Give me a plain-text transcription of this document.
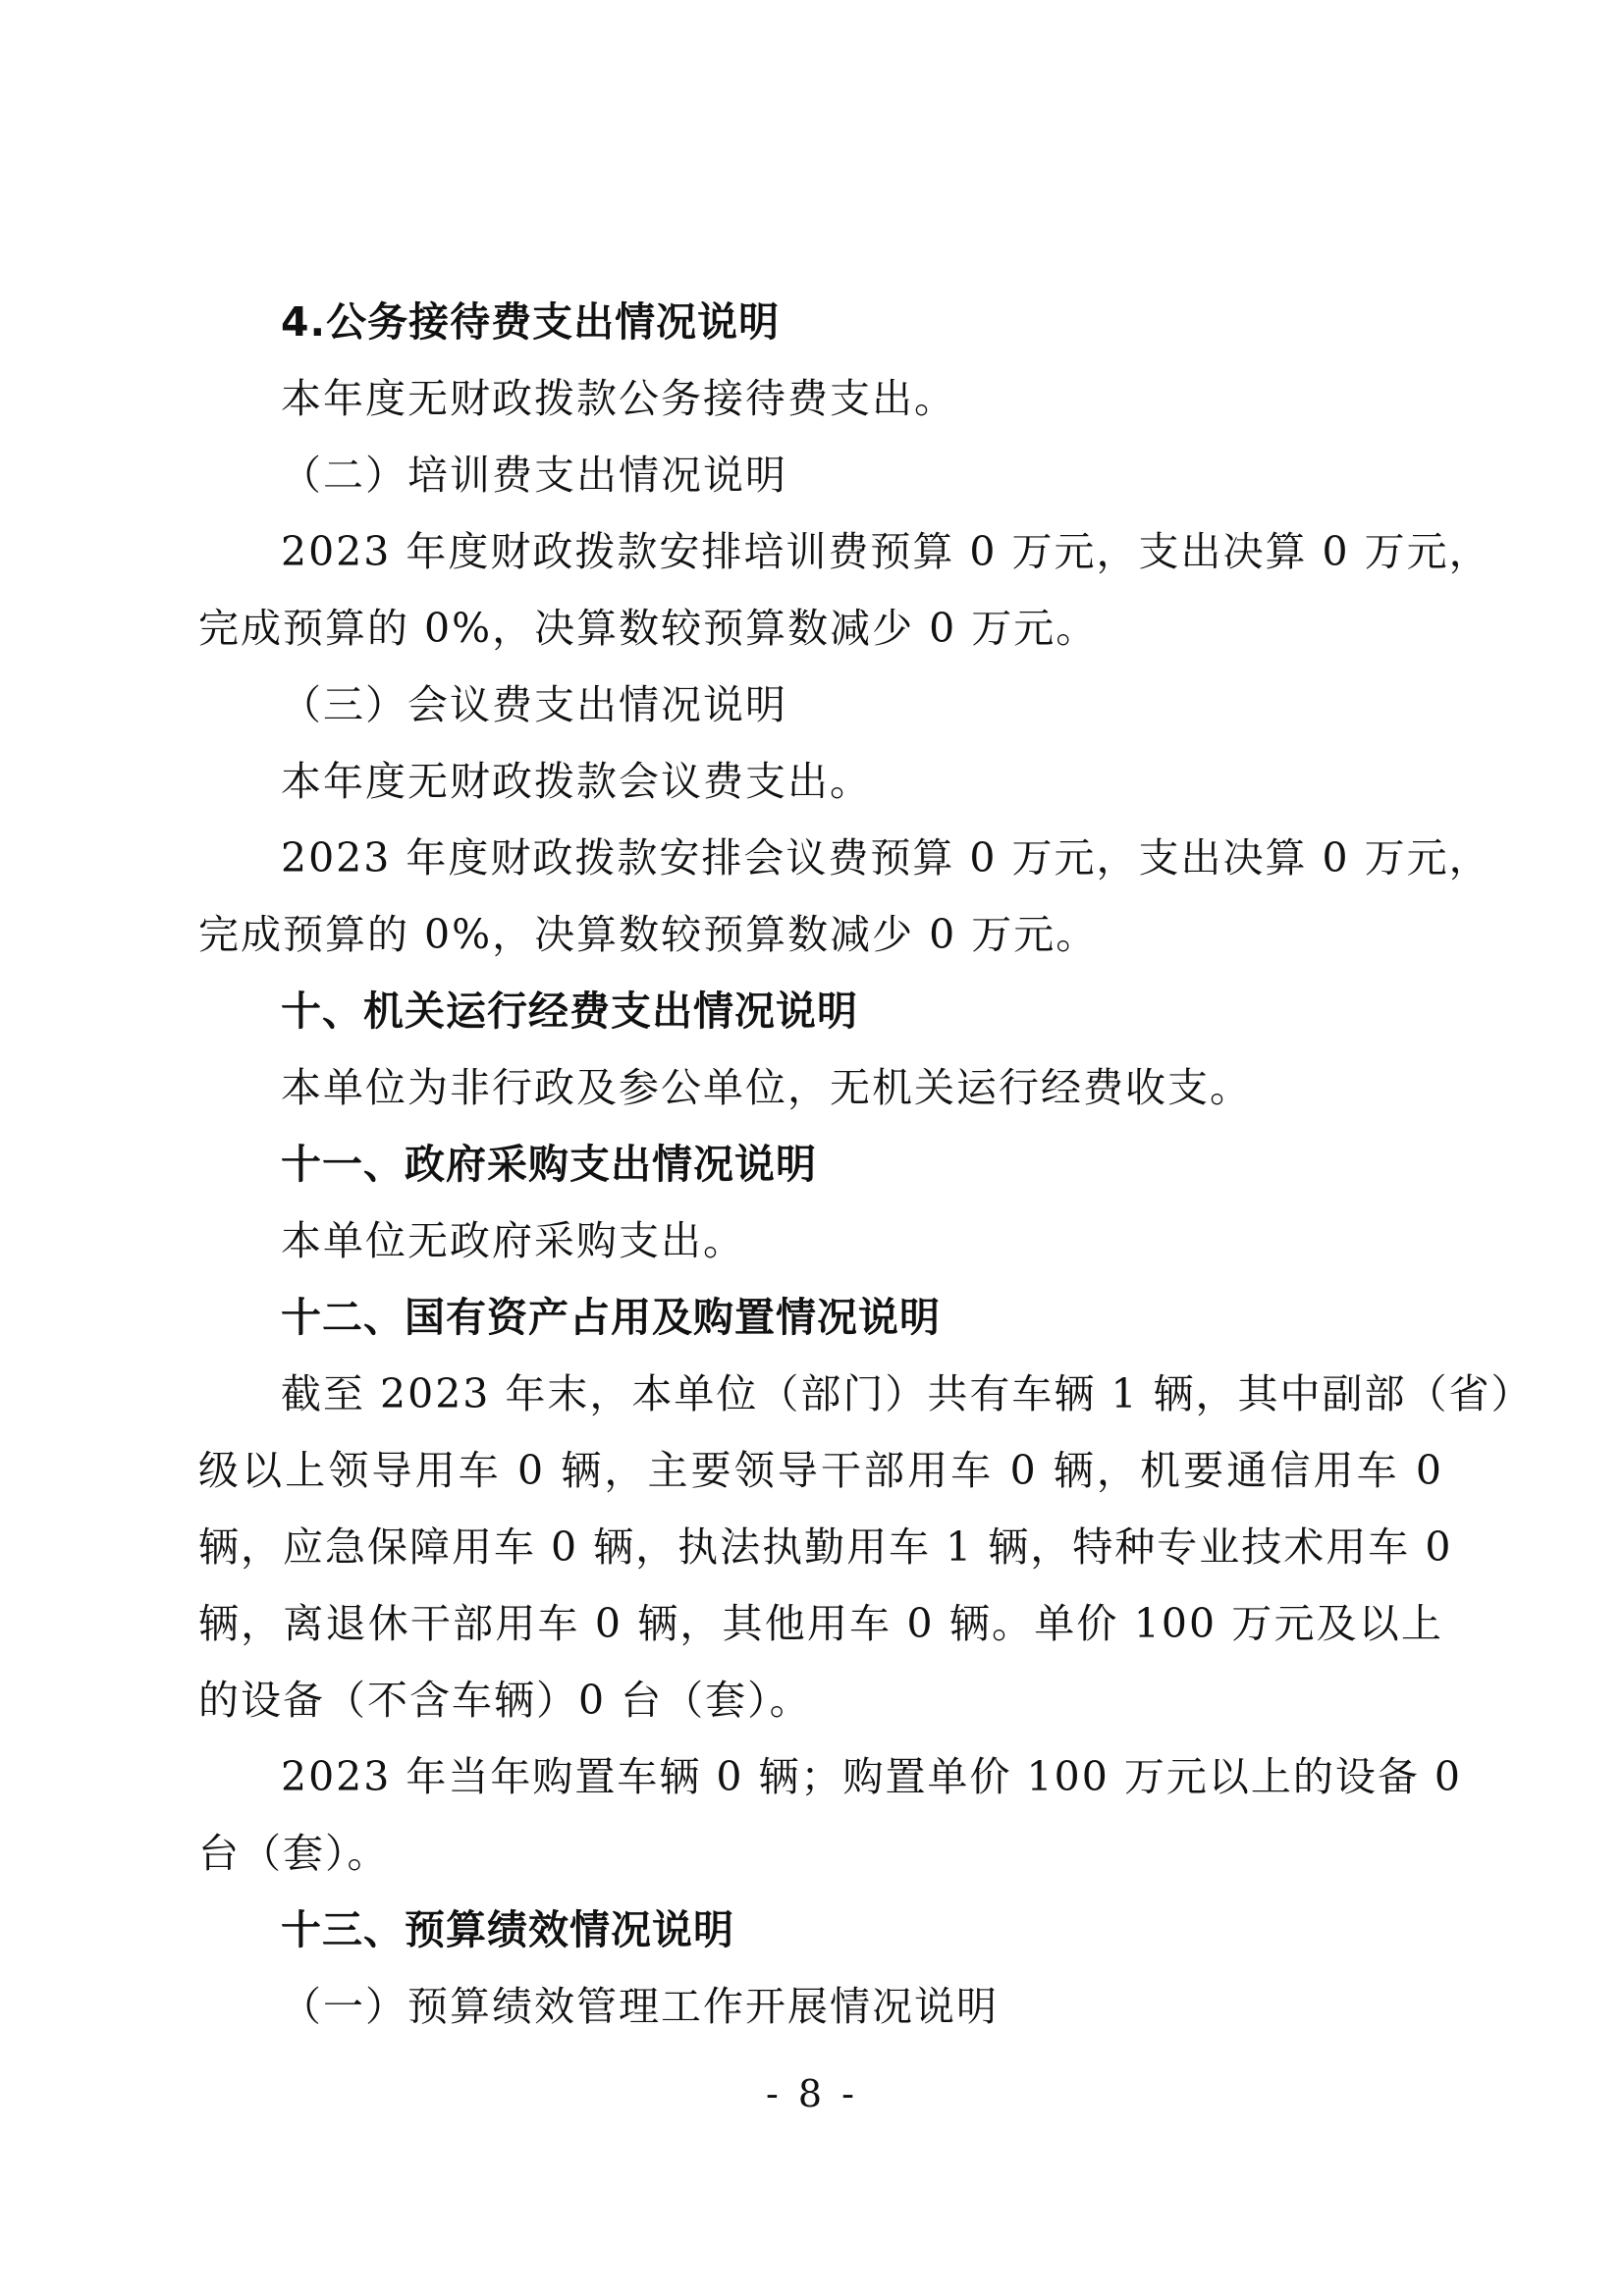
4.公务接待费支出情况说明
本年度无财政拨款公务接待费支出。
（二）培训费支出情况说明
2023 年度财政拨款安排培训费预算 0 万元，支出决算 0 万元，
完成预算的 0%，决算数较预算数减少 0 万元。
（三）会议费支出情况说明
本年度无财政拨款会议费支出。
2023 年度财政拨款安排会议费预算 0 万元，支出决算 0 万元，
完成预算的 0%，决算数较预算数减少 0 万元。
十、机关运行经费支出情况说明
本单位为非行政及参公单位，无机关运行经费收支。
十一、政府采购支出情况说明
本单位无政府采购支出。
十二、国有资产占用及购置情况说明
截至 2023 年末，本单位（部门）共有车辆 1 辆，其中副部（省）
级以上领导用车 0 辆，主要领导干部用车 0 辆，机要通信用车 0
辆，应急保障用车 0 辆，执法执勤用车 1 辆，特种专业技术用车 0
辆，离退休干部用车 0 辆，其他用车 0 辆。单价 100 万元及以上
的设备（不含车辆）0 台（套）。
2023 年当年购置车辆 0 辆；购置单价 100 万元以上的设备 0
台（套）。
十三、预算绩效情况说明
（一）预算绩效管理工作开展情况说明
- 8 -
